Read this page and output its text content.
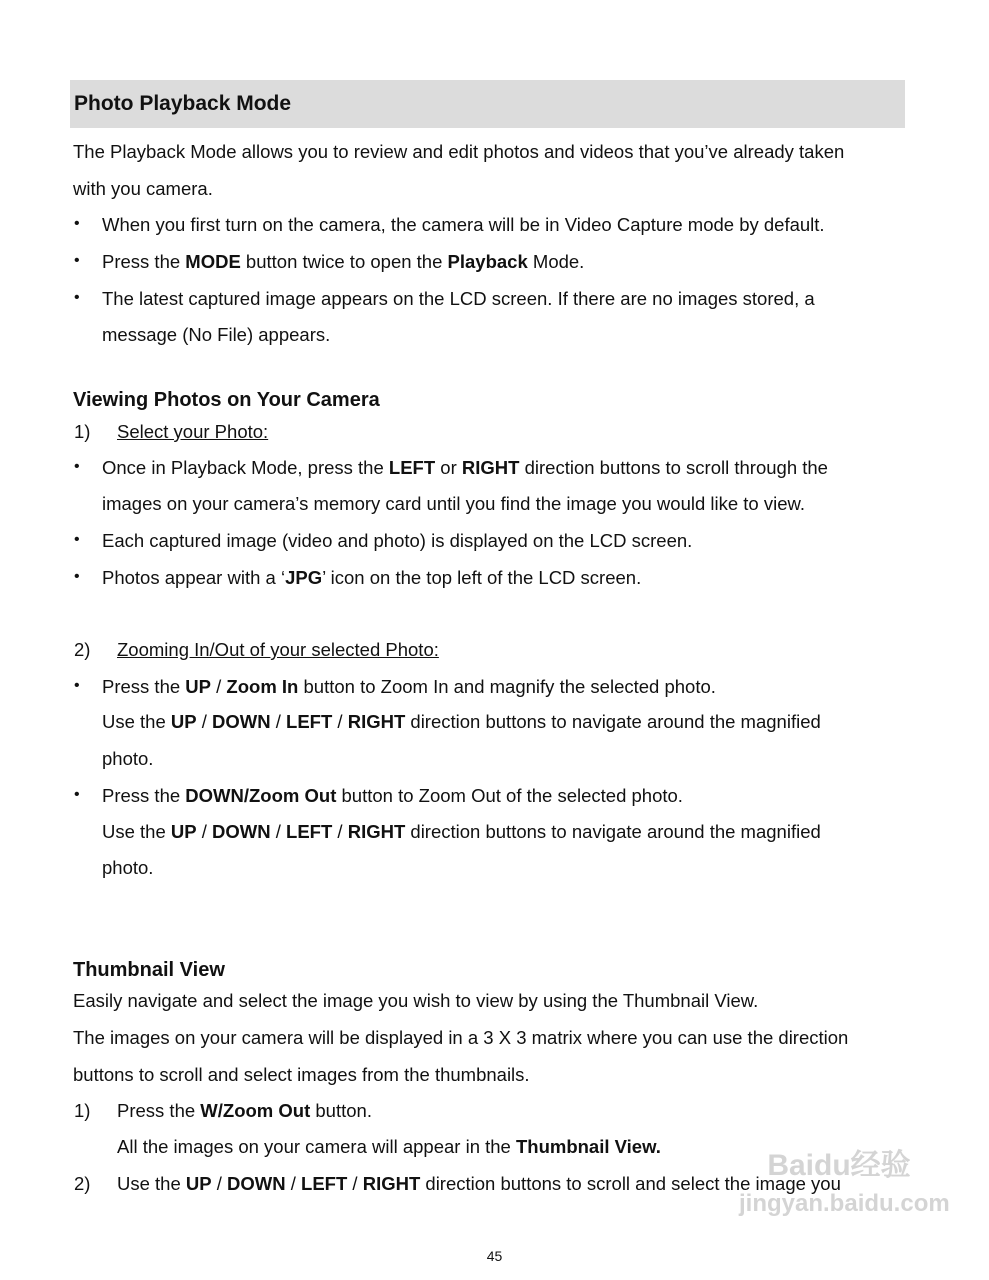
Photo Playback Mode
The Playback Mode allows you to review and edit photos and videos that you’ve already taken
with you camera.
• When you first turn on the camera, the camera will be in Video Capture mode by default.
• Press the MODE button twice to open the Playback Mode.
• The latest captured image appears on the LCD screen. If there are no images stored, a
message (No File) appears.
Viewing Photos on Your Camera
1) Select your Photo:
• Once in Playback Mode, press the LEFT or RIGHT direction buttons to scroll through the
images on your camera’s memory card until you find the image you would like to view.
• Each captured image (video and photo) is displayed on the LCD screen.
• Photos appear with a ‘JPG’ icon on the top left of the LCD screen.
2) Zooming In/Out of your selected Photo:
• Press the UP / Zoom In button to Zoom In and magnify the selected photo.
Use the UP / DOWN / LEFT / RIGHT direction buttons to navigate around the magnified
photo.
• Press the DOWN/Zoom Out button to Zoom Out of the selected photo.
Use the UP / DOWN / LEFT / RIGHT direction buttons to navigate around the magnified
photo.
Thumbnail View
Easily navigate and select the image you wish to view by using the Thumbnail View.
The images on your camera will be displayed in a 3 X 3 matrix where you can use the direction
buttons to scroll and select images from the thumbnails.
1) Press the W/Zoom Out button.
All the images on your camera will appear in the Thumbnail View.
2) Use the UP / DOWN / LEFT / RIGHT direction buttons to scroll and select the image you
Baidu经验
jingyan.baidu.com
45
